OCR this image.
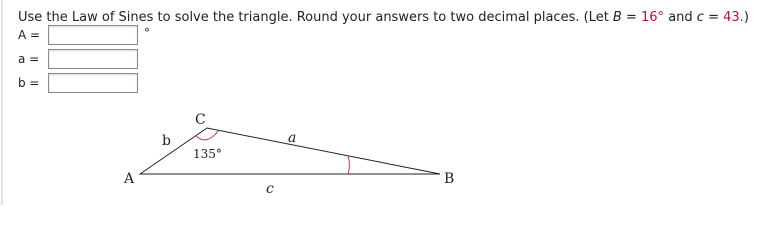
Use the Law of Sines to solve the triangle. Round your answers to two decimal places. (Let B = 16° and c = 43.)
A =	°
a =
b =
C
b	a
135°
A	B
c
